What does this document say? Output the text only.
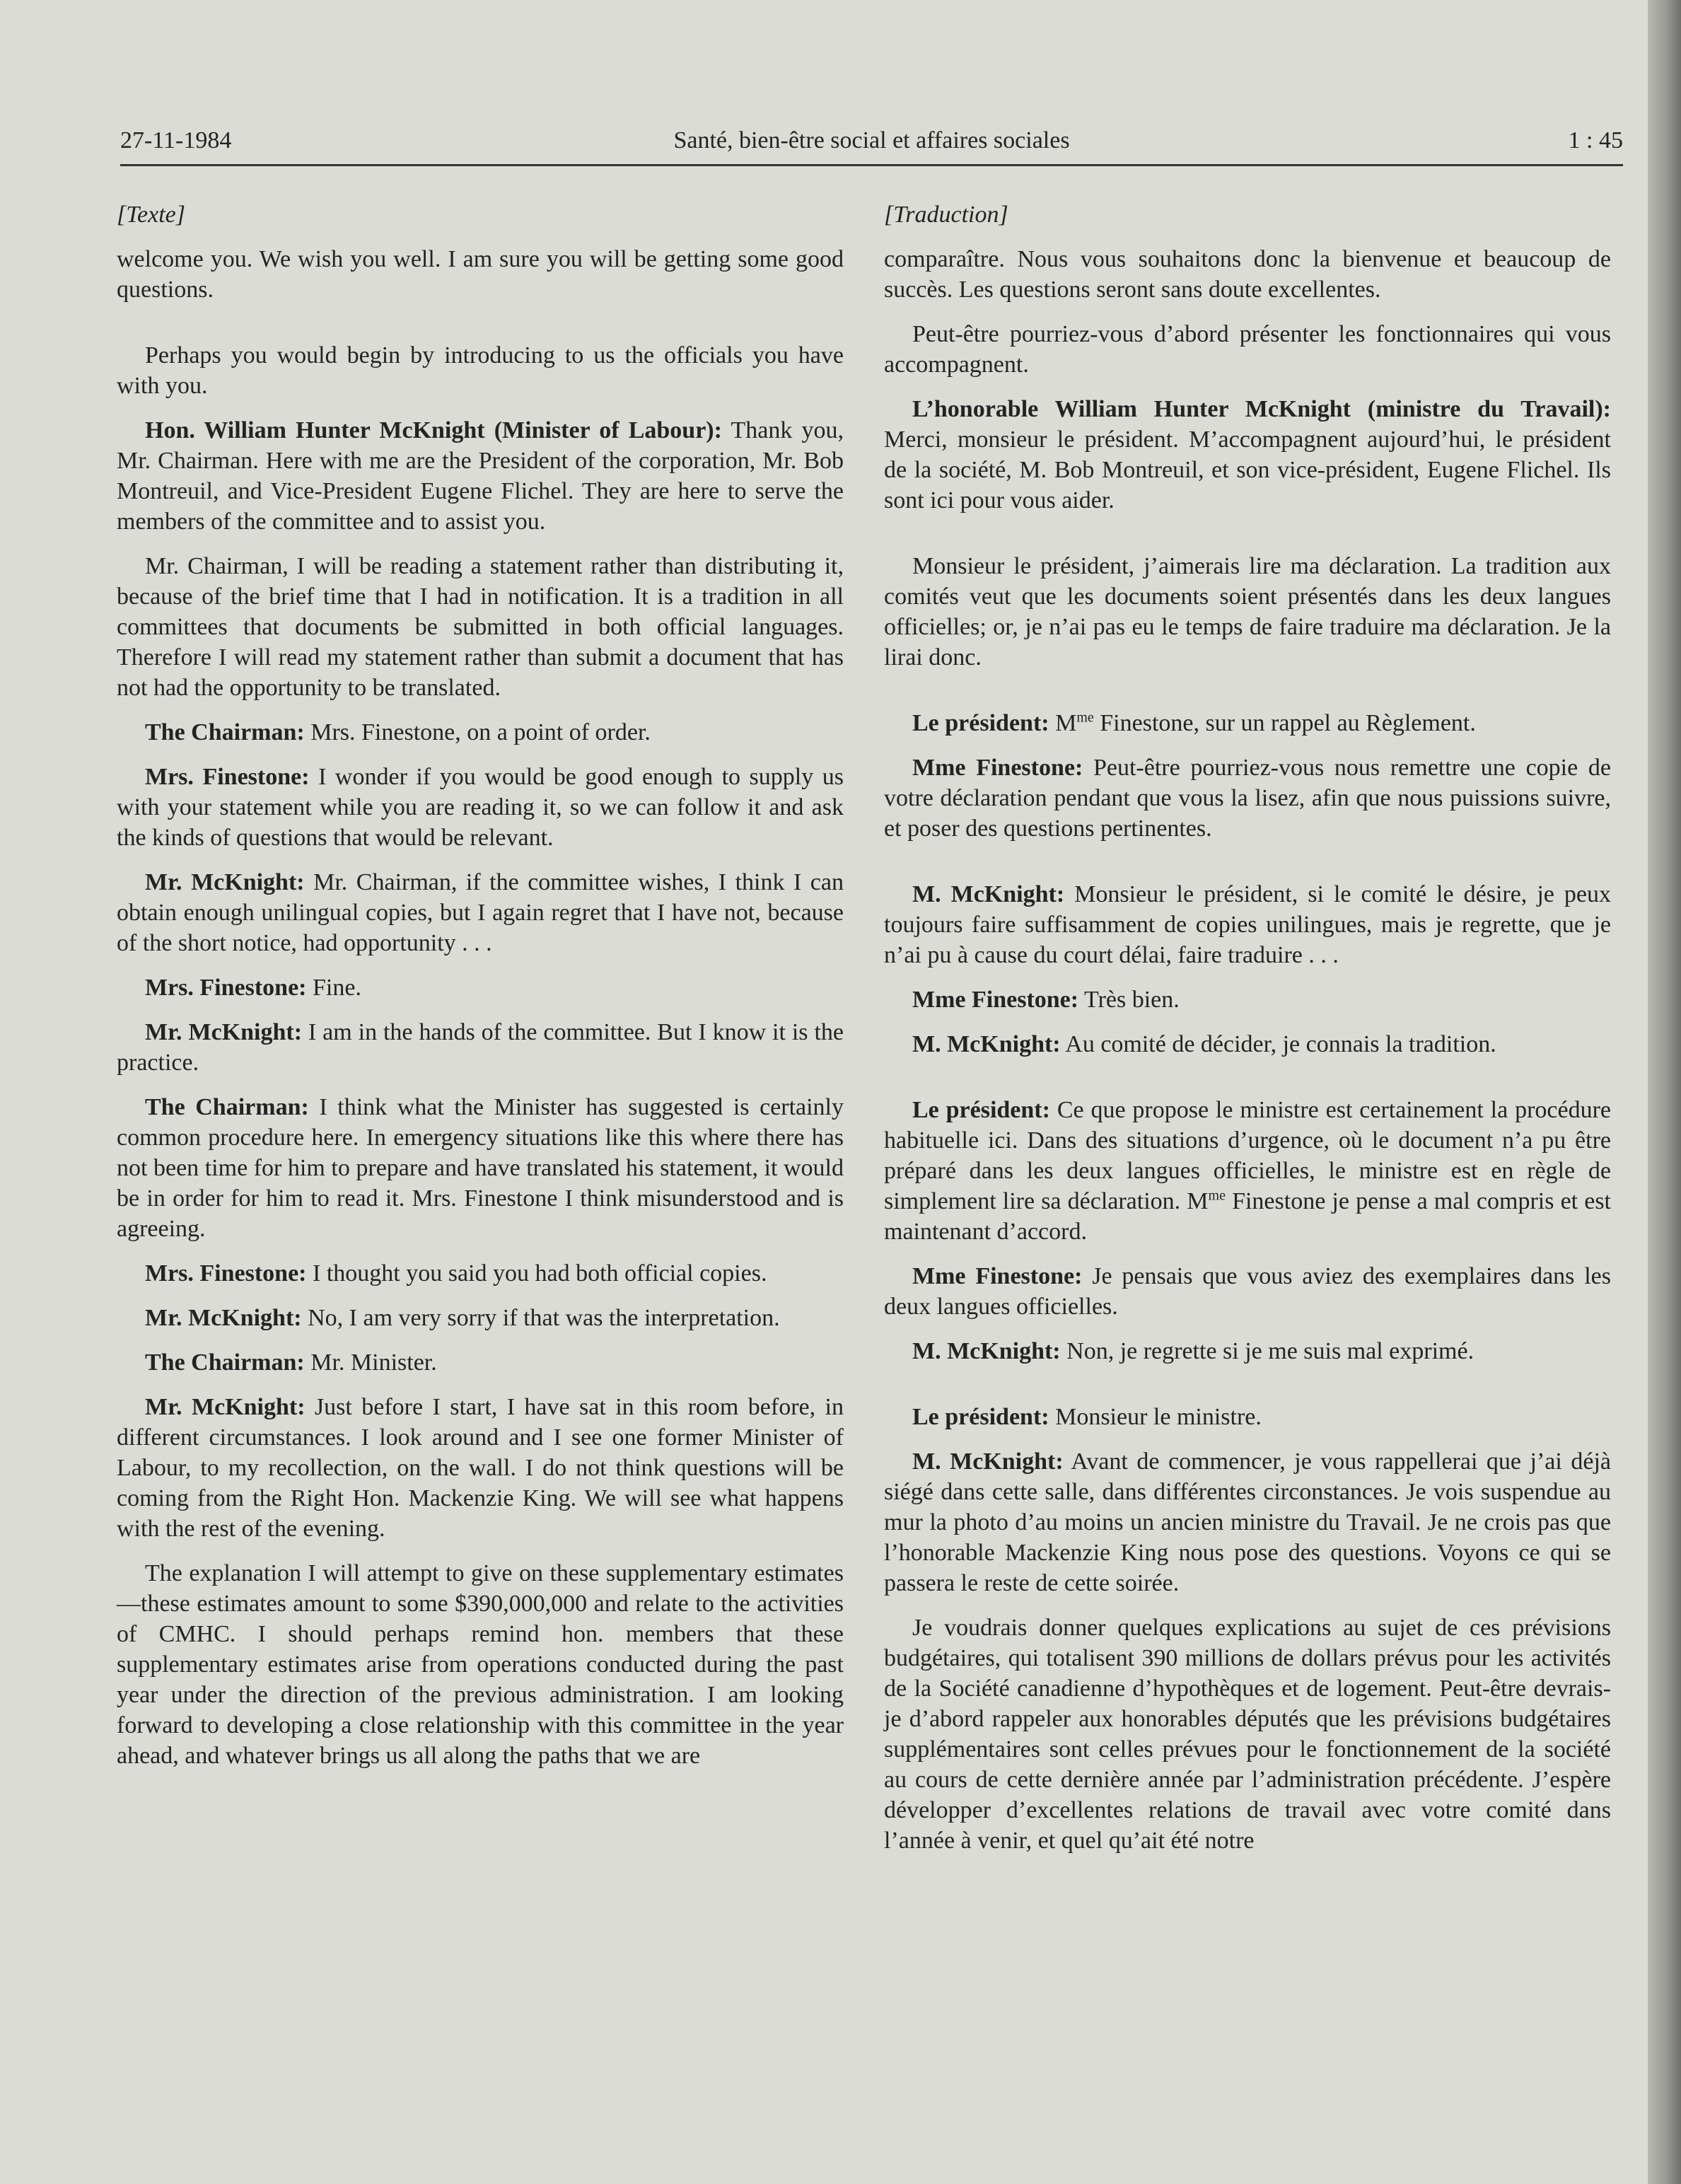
27-11-1984	Santé, bien-être social et affaires sociales	1 : 45

[Texte]

welcome you. We wish you well. I am sure you will be getting some good questions.

Perhaps you would begin by introducing to us the officials you have with you.

Hon. William Hunter McKnight (Minister of Labour): Thank you, Mr. Chairman. Here with me are the President of the corporation, Mr. Bob Montreuil, and Vice-President Eugene Flichel. They are here to serve the members of the committee and to assist you.

Mr. Chairman, I will be reading a statement rather than distributing it, because of the brief time that I had in notification. It is a tradition in all committees that documents be submitted in both official languages. Therefore I will read my statement rather than submit a document that has not had the opportunity to be translated.

The Chairman: Mrs. Finestone, on a point of order.

Mrs. Finestone: I wonder if you would be good enough to supply us with your statement while you are reading it, so we can follow it and ask the kinds of questions that would be relevant.

Mr. McKnight: Mr. Chairman, if the committee wishes, I think I can obtain enough unilingual copies, but I again regret that I have not, because of the short notice, had opportunity . . .

Mrs. Finestone: Fine.

Mr. McKnight: I am in the hands of the committee. But I know it is the practice.

The Chairman: I think what the Minister has suggested is certainly common procedure here. In emergency situations like this where there has not been time for him to prepare and have translated his statement, it would be in order for him to read it. Mrs. Finestone I think misunderstood and is agreeing.

Mrs. Finestone: I thought you said you had both official copies.

Mr. McKnight: No, I am very sorry if that was the interpretation.

The Chairman: Mr. Minister.

Mr. McKnight: Just before I start, I have sat in this room before, in different circumstances. I look around and I see one former Minister of Labour, to my recollection, on the wall. I do not think questions will be coming from the Right Hon. Mackenzie King. We will see what happens with the rest of the evening.

The explanation I will attempt to give on these supplementary estimates—these estimates amount to some $390,000,000 and relate to the activities of CMHC. I should perhaps remind hon. members that these supplementary estimates arise from operations conducted during the past year under the direction of the previous administration. I am looking forward to developing a close relationship with this committee in the year ahead, and whatever brings us all along the paths that we are

[Traduction]

comparaître. Nous vous souhaitons donc la bienvenue et beaucoup de succès. Les questions seront sans doute excellentes.

Peut-être pourriez-vous d’abord présenter les fonctionnaires qui vous accompagnent.

L’honorable William Hunter McKnight (ministre du Travail): Merci, monsieur le président. M’accompagnent aujourd’hui, le président de la société, M. Bob Montreuil, et son vice-président, Eugene Flichel. Ils sont ici pour vous aider.

Monsieur le président, j’aimerais lire ma déclaration. La tradition aux comités veut que les documents soient présentés dans les deux langues officielles; or, je n’ai pas eu le temps de faire traduire ma déclaration. Je la lirai donc.

Le président: $M^{me}$ Finestone, sur un rappel au Règlement.

Mme Finestone: Peut-être pourriez-vous nous remettre une copie de votre déclaration pendant que vous la lisez, afin que nous puissions suivre, et poser des questions pertinentes.

M. McKnight: Monsieur le président, si le comité le désire, je peux toujours faire suffisamment de copies unilingues, mais je regrette, que je n’ai pu à cause du court délai, faire traduire . . .

Mme Finestone: Très bien.

M. McKnight: Au comité de décider, je connais la tradition.

Le président: Ce que propose le ministre est certainement la procédure habituelle ici. Dans des situations d’urgence, où le document n’a pu être préparé dans les deux langues officielles, le ministre est en règle de simplement lire sa déclaration. $M^{me}$ Finestone je pense a mal compris et est maintenant d’accord.

Mme Finestone: Je pensais que vous aviez des exemplaires dans les deux langues officielles.

M. McKnight: Non, je regrette si je me suis mal exprimé.

Le président: Monsieur le ministre.

M. McKnight: Avant de commencer, je vous rappellerai que j’ai déjà siégé dans cette salle, dans différentes circonstances. Je vois suspendue au mur la photo d’au moins un ancien ministre du Travail. Je ne crois pas que l’honorable Mackenzie King nous pose des questions. Voyons ce qui se passera le reste de cette soirée.

Je voudrais donner quelques explications au sujet de ces prévisions budgétaires, qui totalisent 390 millions de dollars prévus pour les activités de la Société canadienne d’hypothèques et de logement. Peut-être devrais-je d’abord rappeler aux honorables députés que les prévisions budgétaires supplémentaires sont celles prévues pour le fonctionnement de la société au cours de cette dernière année par l’administration précédente. J’espère développer d’excellentes relations de travail avec votre comité dans l’année à venir, et quel qu’ait été notre
